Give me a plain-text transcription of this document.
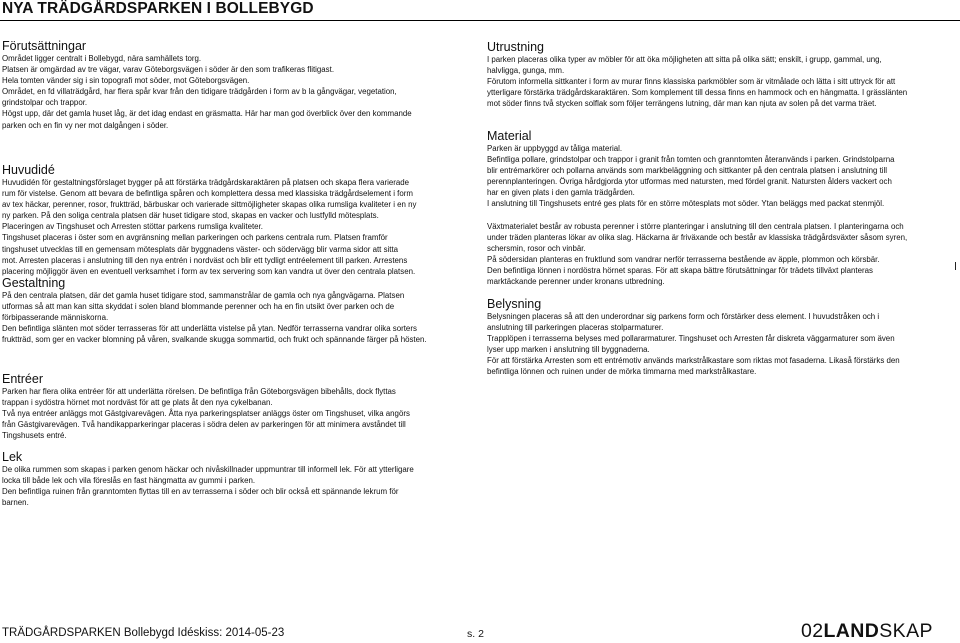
NYA TRÄDGÅRDSPARKEN I BOLLEBYGD
Förutsättningar

Området ligger centralt i Bollebygd, nära samhällets torg.

Platsen är omgärdad av tre vägar, varav Göteborgsvägen i söder är den som trafikeras flitigast.

Hela tomten vänder sig i sin topografi mot söder, mot Göteborgsvägen.

Området, en fd villaträdgård, har flera spår kvar från den tidigare trädgården i form av b la gångvägar, vegetation,

grindstolpar och trappor.

Högst upp, där det gamla huset låg, är det idag endast en gräsmatta. Här har man god överblick över den kommande

parken och en fin vy ner mot dalgången i söder.

Huvudidé

Huvudidén för gestaltningsförslaget bygger på att förstärka trädgårdskaraktären på platsen och skapa flera varierade
rum för vistelse. Genom att bevara de befintliga spåren och komplettera dessa med klassiska trädgårdselement i form
av tex häckar, perenner, rosor, fruktträd, bärbuskar och varierade sittmöjligheter skapas olika rumsliga kvaliteter i en ny
ny parken. På den soliga centrala platsen där huset tidigare stod, skapas en vacker och lustfylld mötesplats.
Placeringen av Tingshuset och Arresten stöttar parkens rumsliga kvaliteter.
Tingshuset placeras i öster som en avgränsning mellan parkeringen och parkens centrala rum. Platsen framför
tingshuset utvecklas till en gemensam mötesplats där byggnadens väster- och södervägg blir varma sidor att sitta
mot. Arresten placeras i anslutning till den nya entrén i nordväst och blir ett tydligt entréelement till parken. Arrestens
placering möjliggör även en eventuell verksamhet i form av tex servering som kan vandra ut över den centrala platsen.

Gestaltning

På den centrala platsen, där det gamla huset tidigare stod, sammanstrålar de gamla och nya gångvägarna. Platsen
utformas så att man kan sitta skyddat i solen bland blommande perenner och ha en fin utsikt över parken och de
förbipasserande människorna.

Den befintliga slänten mot söder terrasseras för att underlätta vistelse på ytan. Nedför terrasserna vandrar olika sorters
fruktträd, som ger en vacker blomning på våren, svalkande skugga sommartid, och frukt och spännande färger på hösten.

Entréer

Parken har flera olika entréer för att underlätta rörelsen. De befintliga från Göteborgsvägen bibehålls, dock flyttas
trappan i sydöstra hörnet mot nordväst för att ge plats åt den nya cykelbanan.
Två nya entréer anläggs mot Gästgivarevägen. Åtta nya parkeringsplatser anläggs öster om Tingshuset, vilka angörs
från Gästgivarevägen. Två handikapparkeringar placeras i södra delen av parkeringen för att minimera avståndet till
Tingshusets entré.

Lek

De olika rummen som skapas i parken genom häckar och nivåskillnader uppmuntrar till informell lek. För att ytterligare
locka till både lek och vila föreslås en fast hängmatta av gummi i parken.
Den befintliga ruinen från granntomten flyttas till en av terrasserna i söder och blir också ett spännande lekrum för
barnen.

Utrustning

I parken placeras olika typer av möbler för att öka möjligheten att sitta på olika sätt; enskilt, i grupp, gammal, ung,
halvliggа, gunga, mm.
Förutom informella sittkanter i form av murar finns klassiska parkmöbler som är vitmålade och lätta i sitt uttryck för att
ytterligare förstärka trädgårdskaraktären. Som komplement till dessa finns en hammock och en hängmatta. I grässlänten
mot söder finns två stycken solflak som följer terrängens lutning, där man kan njuta av solen på det varma träet.

Material

Parken är uppbyggd av tåliga material.
Befintliga pollare, grindstolpar och trappor i granit från tomten och granntomten återanvänds i parken. Grindstolparna
blir entrémarkörer och pollarna används som markbeläggning och sittkanter på den centrala platsen i anslutning till
perennplanteringen. Övriga hårdgjorda ytor utformas med natursten, med fördel granit. Natursten ålders vackert och
har en given plats i den gamla trädgården.
I anslutning till Tingshusets entré ges plats för en större mötesplats mot söder. Ytan beläggs med packat stenmjöl.

Växtmaterialet består av robusta perenner i större planteringar i anslutning till den centrala platsen. I planteringarna och
under träden planteras lökar av olika slag. Häckarna är friväxande och består av klassiska trädgårdsväxter såsom syren,
schersmin, rosor och vinbär.
På södersidan planteras en fruktlund som vandrar nerför terrasserna bestående av äpple, plommon och körsbär.
Den befintliga lönnen i nordöstra hörnet sparas. För att skapa bättre förutsättningar för trädets tillväxt planteras
marktäckande perenner under kronans utbredning.

Belysning

Belysningen placeras så att den underordnar sig parkens form och förstärker dess element. I huvudstråken och i
anslutning till parkeringen placeras stolparmaturer.
Trapplöpen i terrasserna belyses med pollararmaturer. Tingshuset och Arresten får diskreta väggarmaturer som även
lyser upp marken i anslutning till byggnaderna.
För att förstärka Arresten som ett entrémotiv används markstrålkastare som riktas mot fasaderna. Likaså förstärks den
befintliga lönnen och ruinen under de mörka timmarna med markstrålkastare.

TRÄDGÅRDSPARKEN Bollebygd Idéskiss: 2014-05-23	s. 2	02LANDSKAP
